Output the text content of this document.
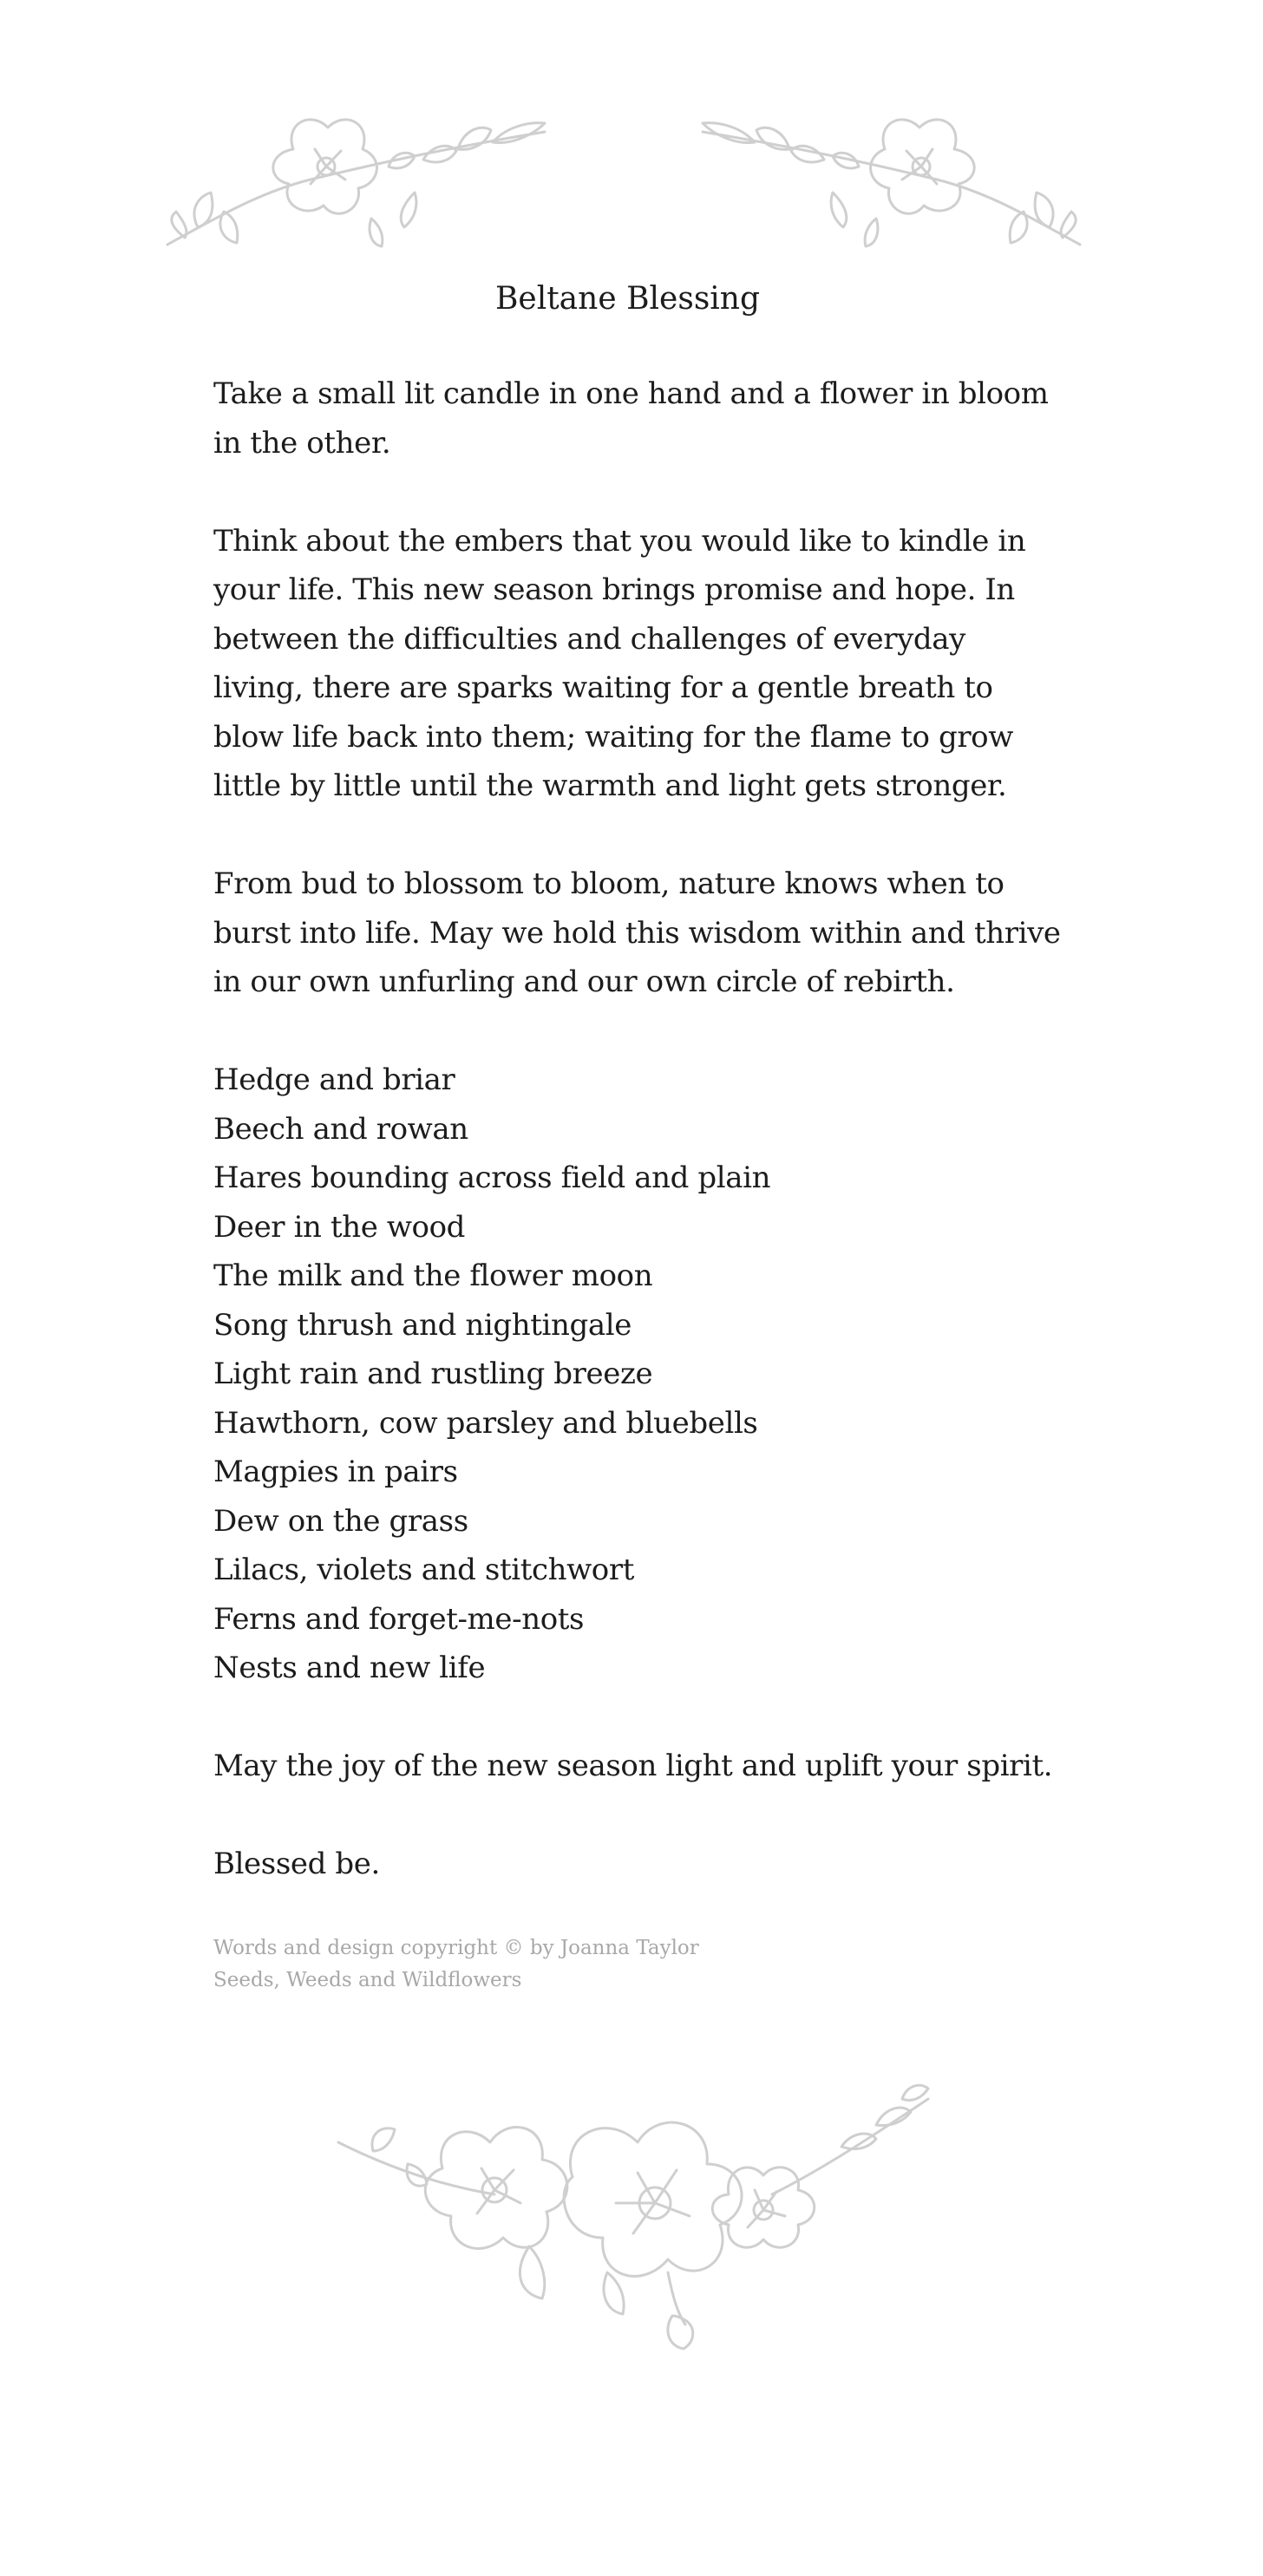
Beltane Blessing

Take a small lit candle in one hand and a flower in bloom in the other.

Think about the embers that you would like to kindle in your life. This new season brings promise and hope. In between the difficulties and challenges of everyday living, there are sparks waiting for a gentle breath to blow life back into them; waiting for the flame to grow little by little until the warmth and light gets stronger.

From bud to blossom to bloom, nature knows when to burst into life. May we hold this wisdom within and thrive in our own unfurling and our own circle of rebirth.

Hedge and briar
Beech and rowan
Hares bounding across field and plain
Deer in the wood
The milk and the flower moon
Song thrush and nightingale
Light rain and rustling breeze
Hawthorn, cow parsley and bluebells
Magpies in pairs
Dew on the grass
Lilacs, violets and stitchwort
Ferns and forget-me-nots
Nests and new life

May the joy of the new season light and uplift your spirit.

Blessed be.

Words and design copyright © by Joanna Taylor
Seeds, Weeds and Wildflowers
